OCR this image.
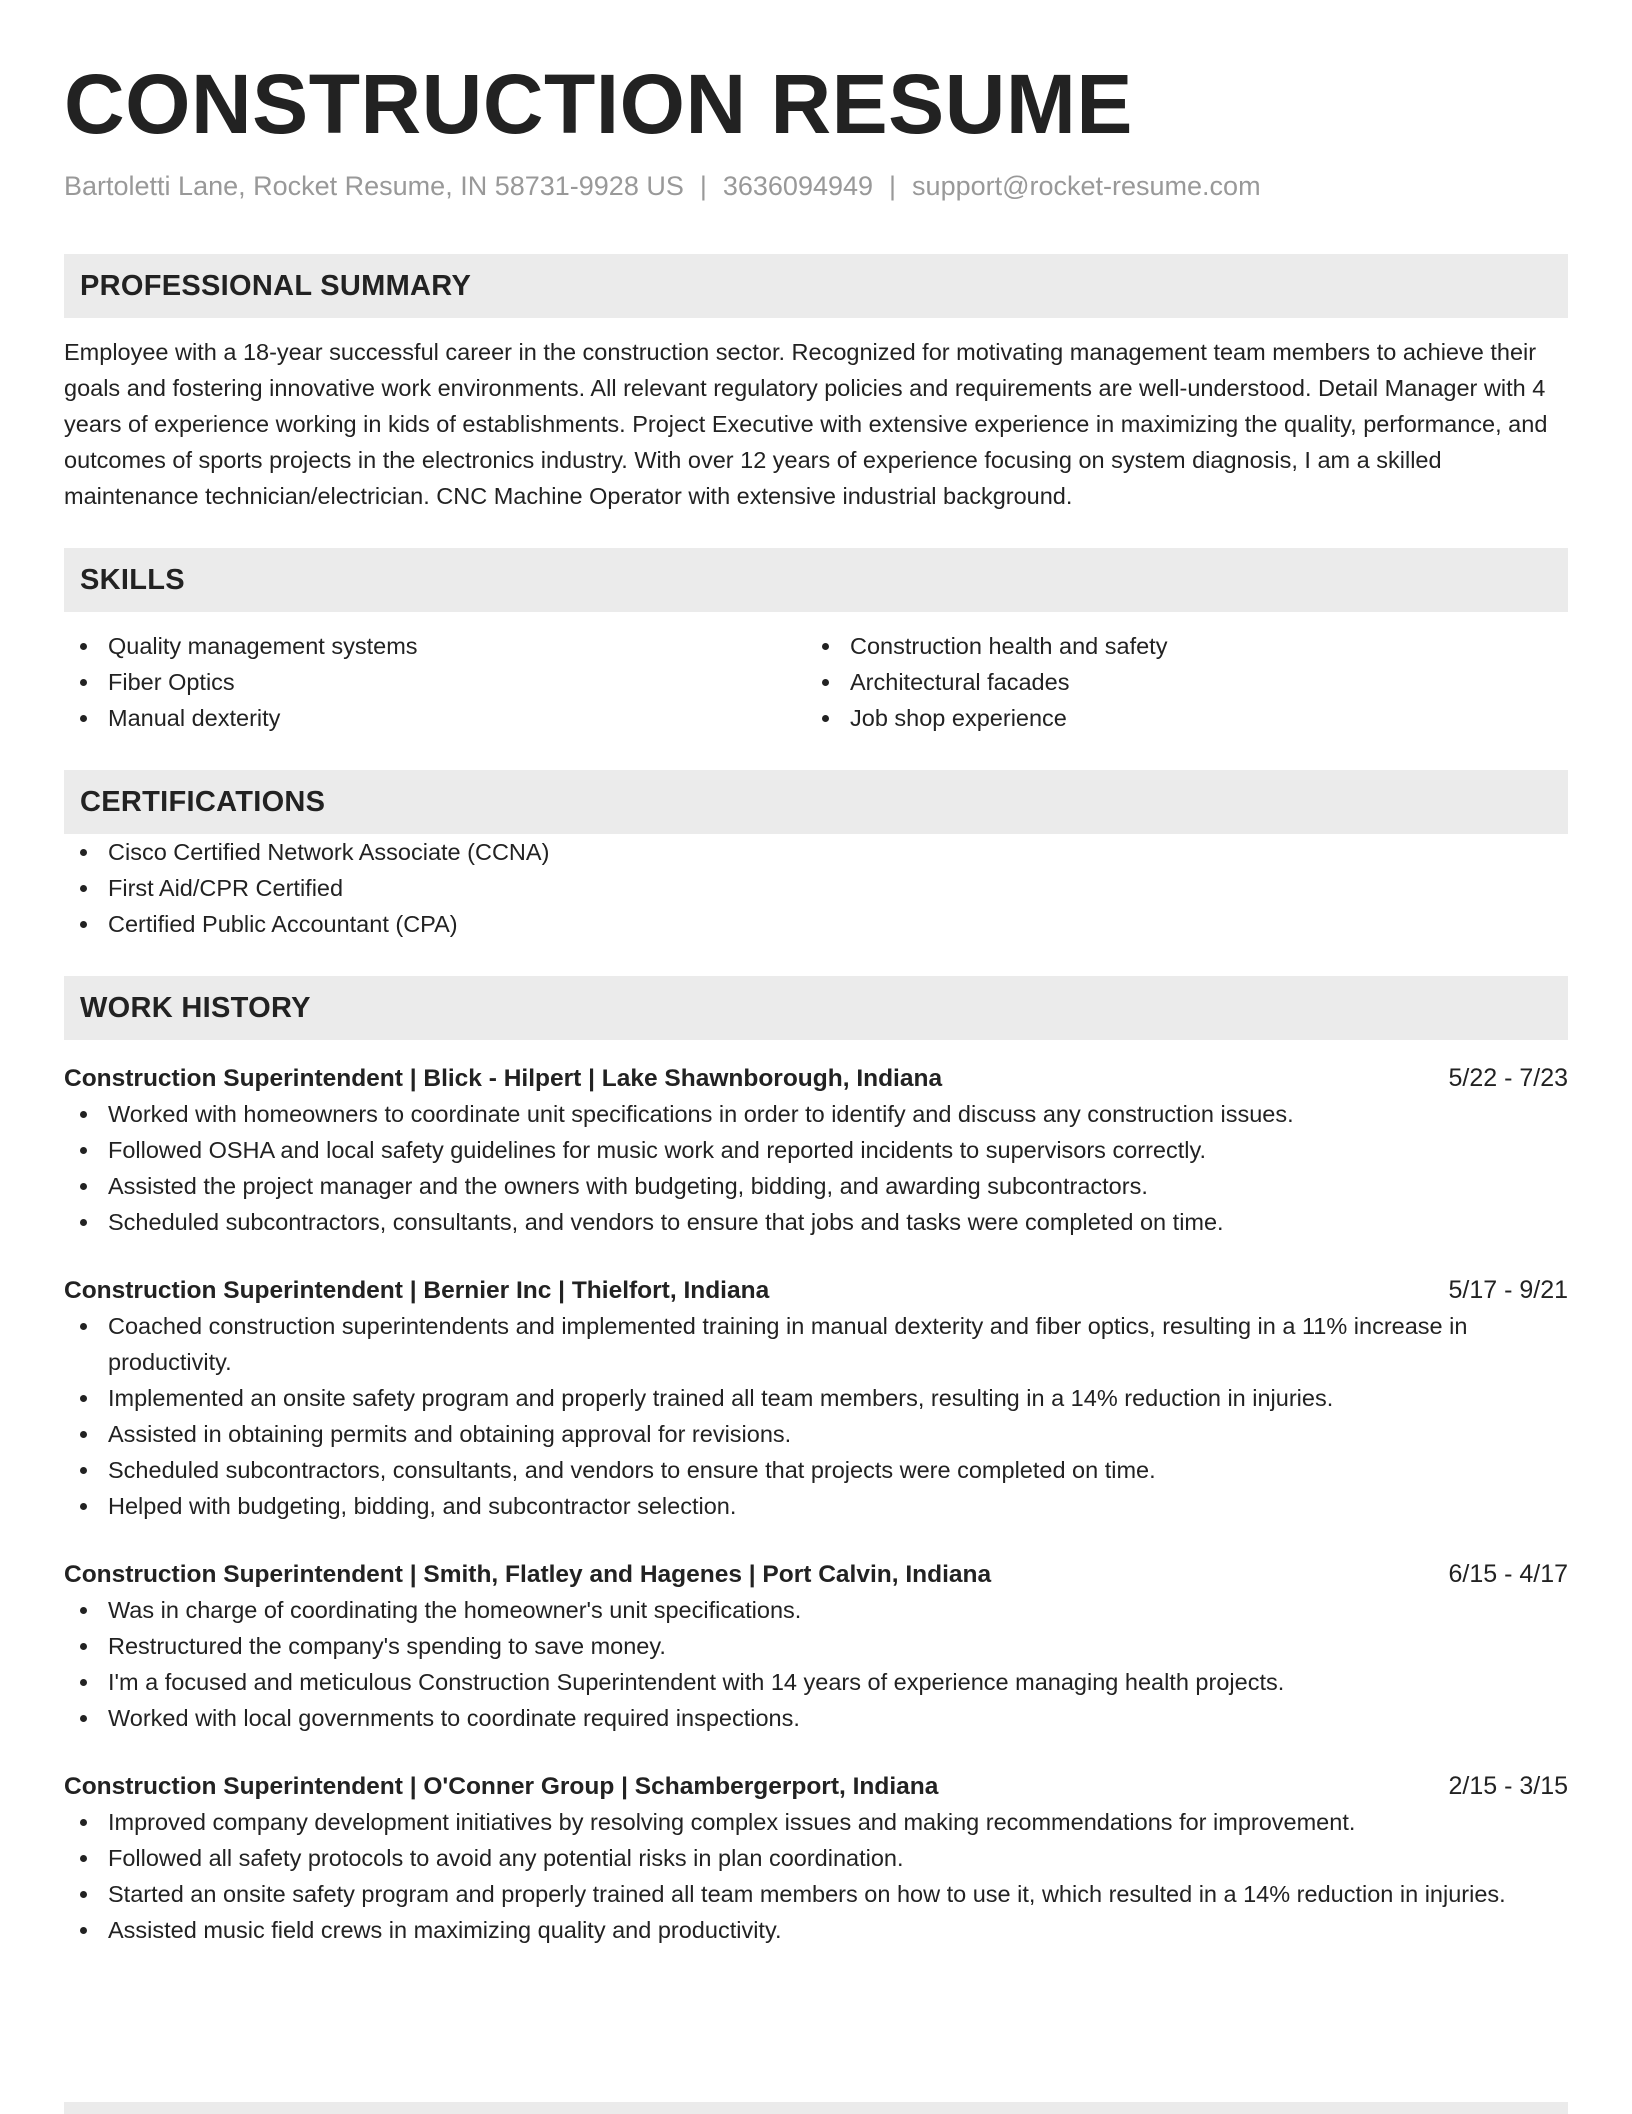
CONSTRUCTION RESUME
Bartoletti Lane, Rocket Resume, IN 58731-9928 US | 3636094949 | support@rocket-resume.com
PROFESSIONAL SUMMARY

Employee with a 18-year successful career in the construction sector. Recognized for motivating management team members to achieve their goals and fostering innovative work environments. All relevant regulatory policies and requirements are well-understood. Detail Manager with 4 years of experience working in kids of establishments. Project Executive with extensive experience in maximizing the quality, performance, and outcomes of sports projects in the electronics industry. With over 12 years of experience focusing on system diagnosis, I am a skilled maintenance technician/electrician. CNC Machine Operator with extensive industrial background.

SKILLS
Quality management systems
Fiber Optics
Manual dexterity
Construction health and safety
Architectural facades
Job shop experience
CERTIFICATIONS
Cisco Certified Network Associate (CCNA)
First Aid/CPR Certified
Certified Public Accountant (CPA)
WORK HISTORY
Construction Superintendent | Blick - Hilpert | Lake Shawnborough, Indiana	5/22 - 7/23
Worked with homeowners to coordinate unit specifications in order to identify and discuss any construction issues.
Followed OSHA and local safety guidelines for music work and reported incidents to supervisors correctly.
Assisted the project manager and the owners with budgeting, bidding, and awarding subcontractors.
Scheduled subcontractors, consultants, and vendors to ensure that jobs and tasks were completed on time.
Construction Superintendent | Bernier Inc | Thielfort, Indiana	5/17 - 9/21
Coached construction superintendents and implemented training in manual dexterity and fiber optics, resulting in a 11% increase in productivity.
Implemented an onsite safety program and properly trained all team members, resulting in a 14% reduction in injuries.
Assisted in obtaining permits and obtaining approval for revisions.
Scheduled subcontractors, consultants, and vendors to ensure that projects were completed on time.
Helped with budgeting, bidding, and subcontractor selection.
Construction Superintendent | Smith, Flatley and Hagenes | Port Calvin, Indiana	6/15 - 4/17
Was in charge of coordinating the homeowner's unit specifications.
Restructured the company's spending to save money.
I'm a focused and meticulous Construction Superintendent with 14 years of experience managing health projects.
Worked with local governments to coordinate required inspections.
Construction Superintendent | O'Conner Group | Schambergerport, Indiana	2/15 - 3/15
Improved company development initiatives by resolving complex issues and making recommendations for improvement.
Followed all safety protocols to avoid any potential risks in plan coordination.
Started an onsite safety program and properly trained all team members on how to use it, which resulted in a 14% reduction in injuries.
Assisted music field crews in maximizing quality and productivity.
